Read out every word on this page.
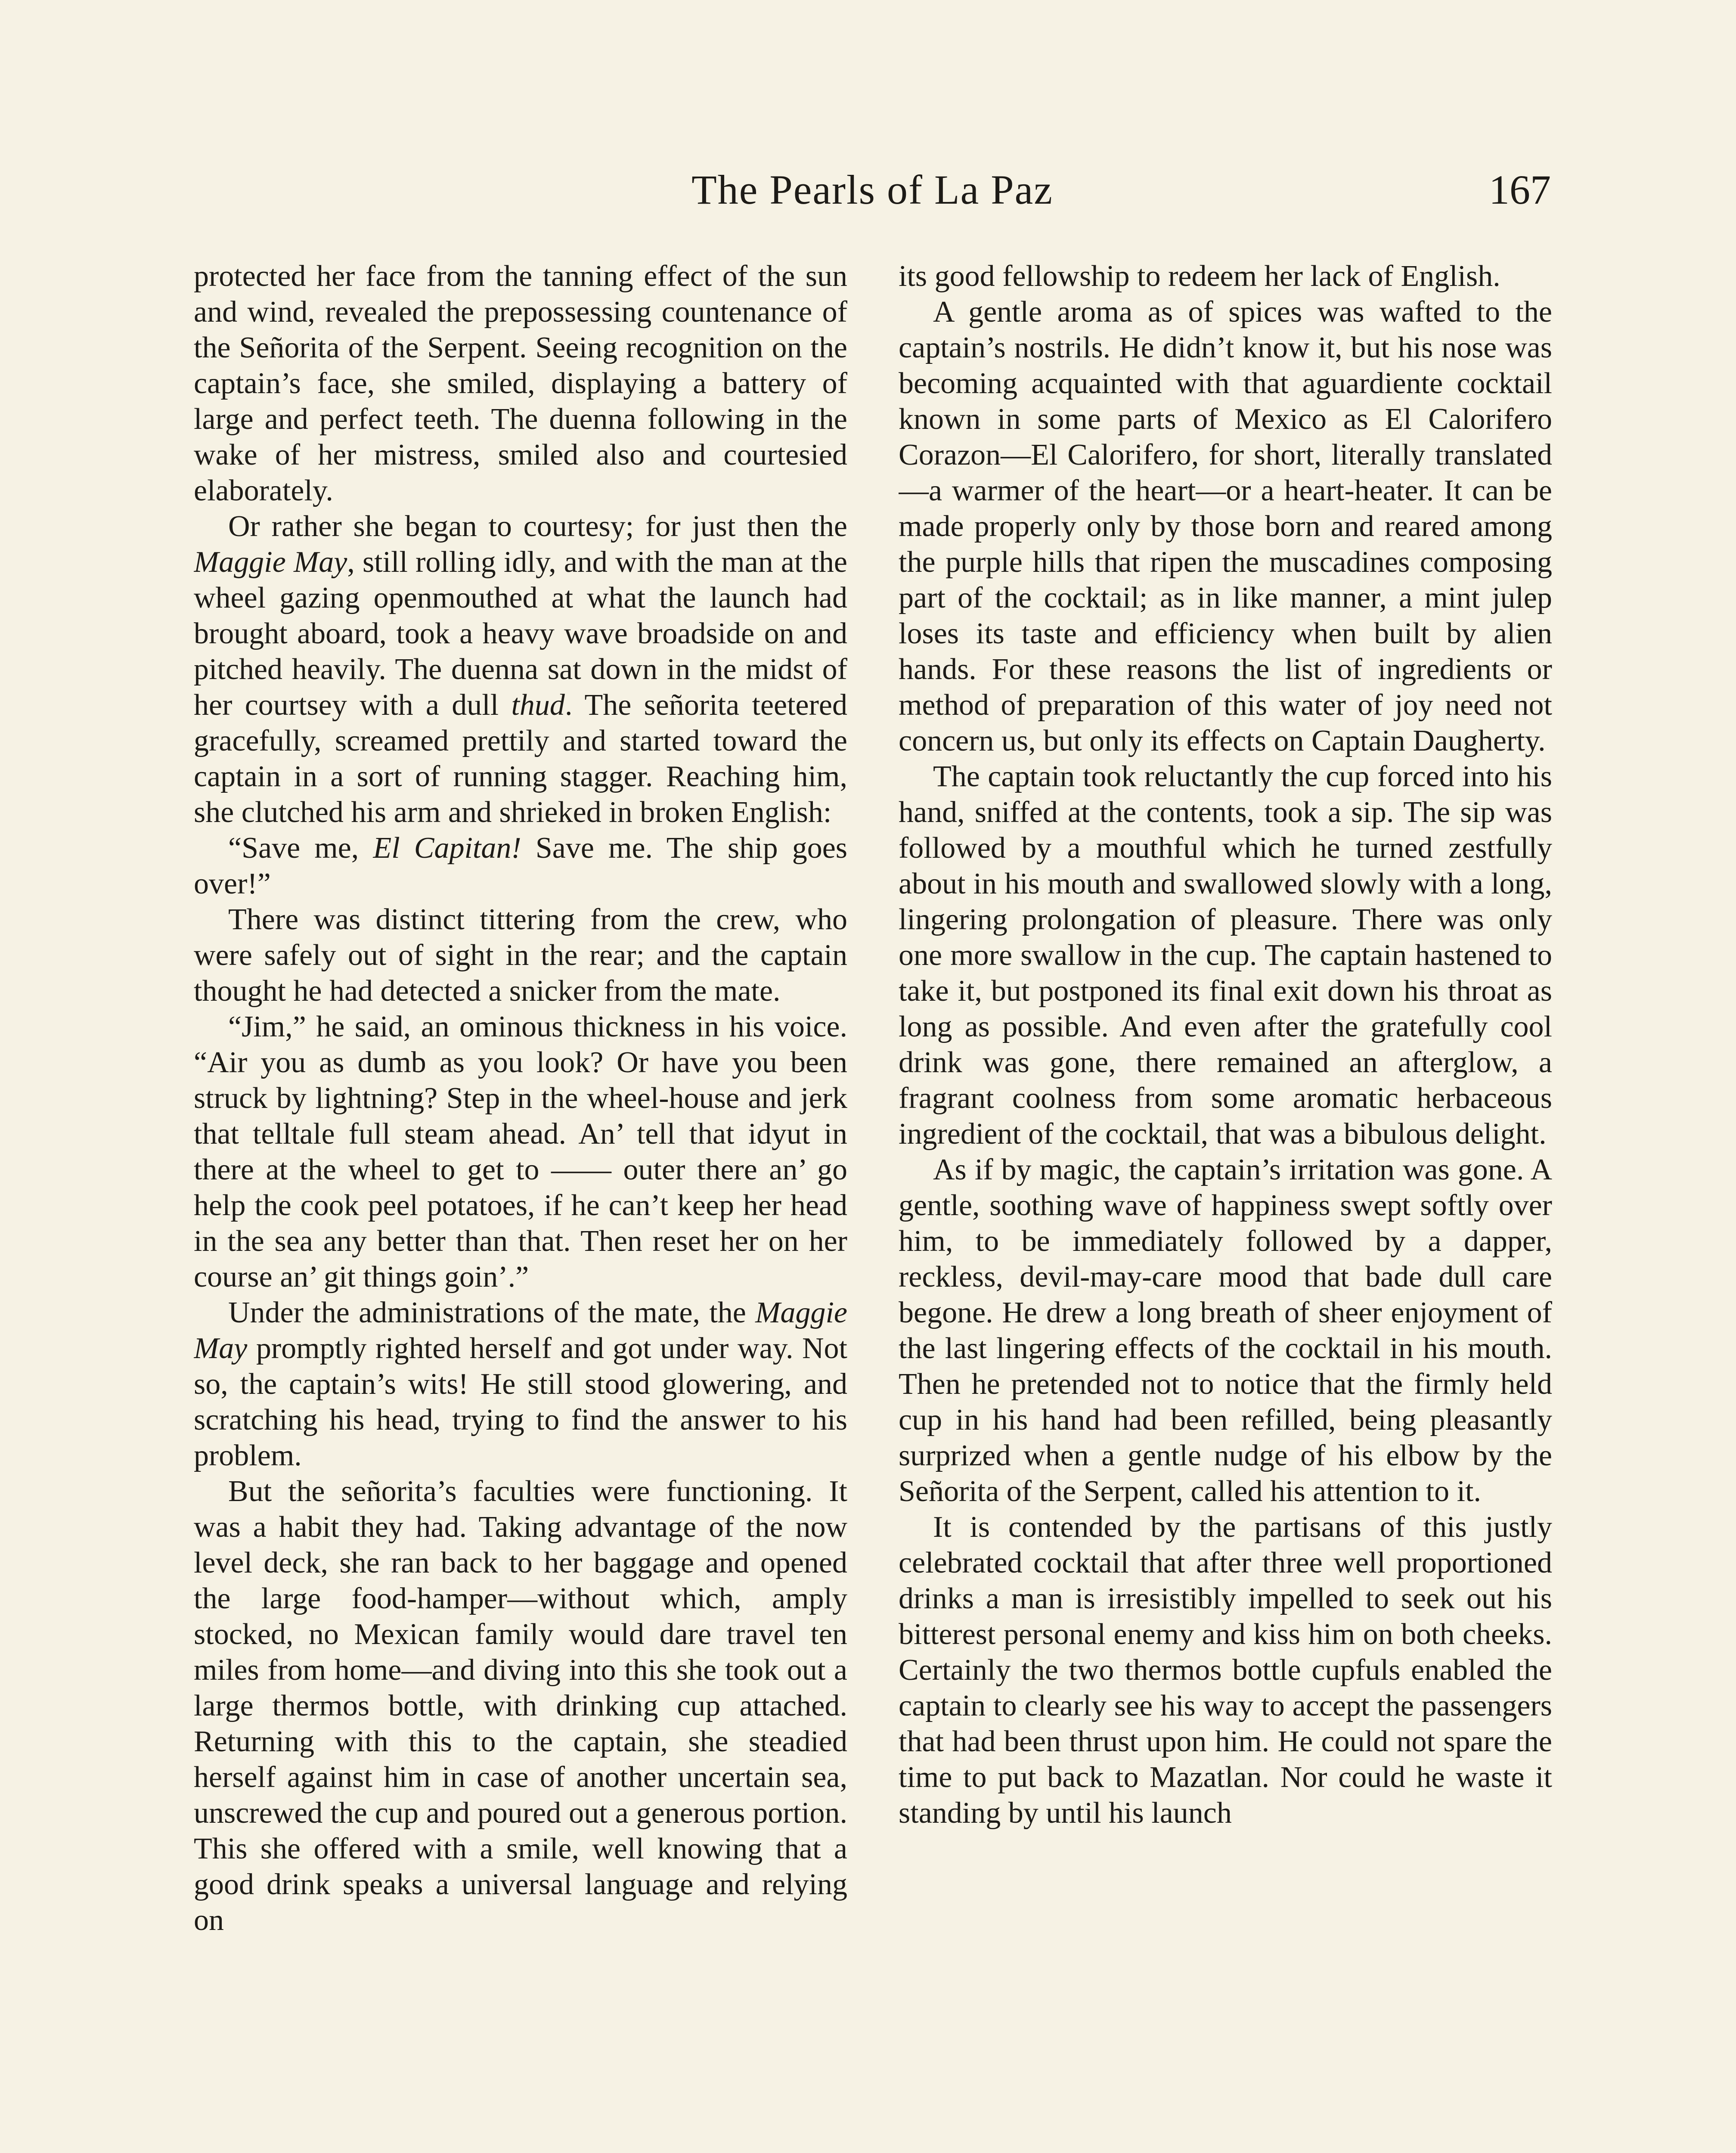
The Pearls of La Paz	167

protected her face from the tanning effect of the sun and wind, revealed the prepossessing countenance of the Señorita of the Serpent. Seeing recognition on the captain’s face, she smiled, displaying a battery of large and perfect teeth. The duenna following in the wake of her mistress, smiled also and courtesied elaborately.

Or rather she began to courtesy; for just then the Maggie May, still rolling idly, and with the man at the wheel gazing openmouthed at what the launch had brought aboard, took a heavy wave broadside on and pitched heavily. The duenna sat down in the midst of her courtsey with a dull thud. The señorita teetered gracefully, screamed prettily and started toward the captain in a sort of running stagger. Reaching him, she clutched his arm and shrieked in broken English:

“Save me, El Capitan! Save me. The ship goes over!”

There was distinct tittering from the crew, who were safely out of sight in the rear; and the captain thought he had detected a snicker from the mate.

“Jim,” he said, an ominous thickness in his voice. “Air you as dumb as you look? Or have you been struck by lightning? Step in the wheel-house and jerk that telltale full steam ahead. An’ tell that idyut in there at the wheel to get to —— outer there an’ go help the cook peel potatoes, if he can’t keep her head in the sea any better than that. Then reset her on her course an’ git things goin’.”

Under the administrations of the mate, the Maggie May promptly righted herself and got under way. Not so, the captain’s wits! He still stood glowering, and scratching his head, trying to find the answer to his problem.

But the señorita’s faculties were functioning. It was a habit they had. Taking advantage of the now level deck, she ran back to her baggage and opened the large food-hamper—without which, amply stocked, no Mexican family would dare travel ten miles from home—and diving into this she took out a large thermos bottle, with drinking cup attached. Returning with this to the captain, she steadied herself against him in case of another uncertain sea, unscrewed the cup and poured out a generous portion. This she offered with a smile, well knowing that a good drink speaks a universal language and relying on

its good fellowship to redeem her lack of English.

A gentle aroma as of spices was wafted to the captain’s nostrils. He didn’t know it, but his nose was becoming acquainted with that aguardiente cocktail known in some parts of Mexico as El Calorifero Corazon—El Calorifero, for short, literally translated—a warmer of the heart—or a heart-heater. It can be made properly only by those born and reared among the purple hills that ripen the muscadines composing part of the cocktail; as in like manner, a mint julep loses its taste and efficiency when built by alien hands. For these reasons the list of ingredients or method of preparation of this water of joy need not concern us, but only its effects on Captain Daugherty.

The captain took reluctantly the cup forced into his hand, sniffed at the contents, took a sip. The sip was followed by a mouthful which he turned zestfully about in his mouth and swallowed slowly with a long, lingering prolongation of pleasure. There was only one more swallow in the cup. The captain hastened to take it, but postponed its final exit down his throat as long as possible. And even after the gratefully cool drink was gone, there remained an afterglow, a fragrant coolness from some aromatic herbaceous ingredient of the cocktail, that was a bibulous delight.

As if by magic, the captain’s irritation was gone. A gentle, soothing wave of happiness swept softly over him, to be immediately followed by a dapper, reckless, devil-may-care mood that bade dull care begone. He drew a long breath of sheer enjoyment of the last lingering effects of the cocktail in his mouth. Then he pretended not to notice that the firmly held cup in his hand had been refilled, being pleasantly surprized when a gentle nudge of his elbow by the Señorita of the Serpent, called his attention to it.

It is contended by the partisans of this justly celebrated cocktail that after three well proportioned drinks a man is irresistibly impelled to seek out his bitterest personal enemy and kiss him on both cheeks. Certainly the two thermos bottle cupfuls enabled the captain to clearly see his way to accept the passengers that had been thrust upon him. He could not spare the time to put back to Mazatlan. Nor could he waste it standing by until his launch
